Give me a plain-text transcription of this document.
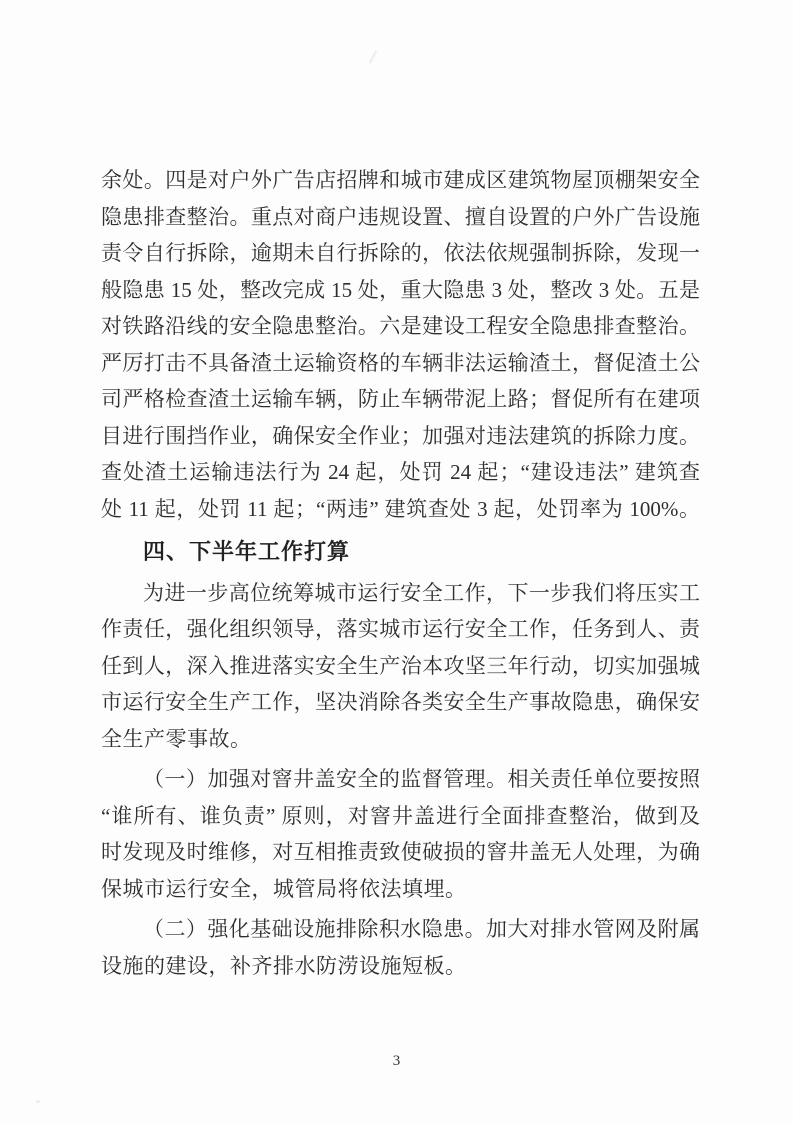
余处。四是对户外广告店招牌和城市建成区建筑物屋顶棚架安全
隐患排查整治。重点对商户违规设置、擅自设置的户外广告设施
责令自行拆除，逾期未自行拆除的，依法依规强制拆除，发现一
般隐患 15 处，整改完成 15 处，重大隐患 3 处，整改 3 处。五是
对铁路沿线的安全隐患整治。六是建设工程安全隐患排查整治。
严厉打击不具备渣土运输资格的车辆非法运输渣土，督促渣土公
司严格检查渣土运输车辆，防止车辆带泥上路；督促所有在建项
目进行围挡作业，确保安全作业；加强对违法建筑的拆除力度。
查处渣土运输违法行为 24 起，处罚 24 起；“建设违法” 建筑查
处 11 起，处罚 11 起；“两违” 建筑查处 3 起，处罚率为 100%。
四、下半年工作打算
为进一步高位统筹城市运行安全工作，下一步我们将压实工
作责任，强化组织领导，落实城市运行安全工作，任务到人、责
任到人，深入推进落实安全生产治本攻坚三年行动，切实加强城
市运行安全生产工作，坚决消除各类安全生产事故隐患，确保安
全生产零事故。
（一）加强对窨井盖安全的监督管理。相关责任单位要按照
“谁所有、谁负责” 原则，对窨井盖进行全面排查整治，做到及
时发现及时维修，对互相推责致使破损的窨井盖无人处理，为确
保城市运行安全，城管局将依法填埋。
（二）强化基础设施排除积水隐患。加大对排水管网及附属
设施的建设，补齐排水防涝设施短板。
3
